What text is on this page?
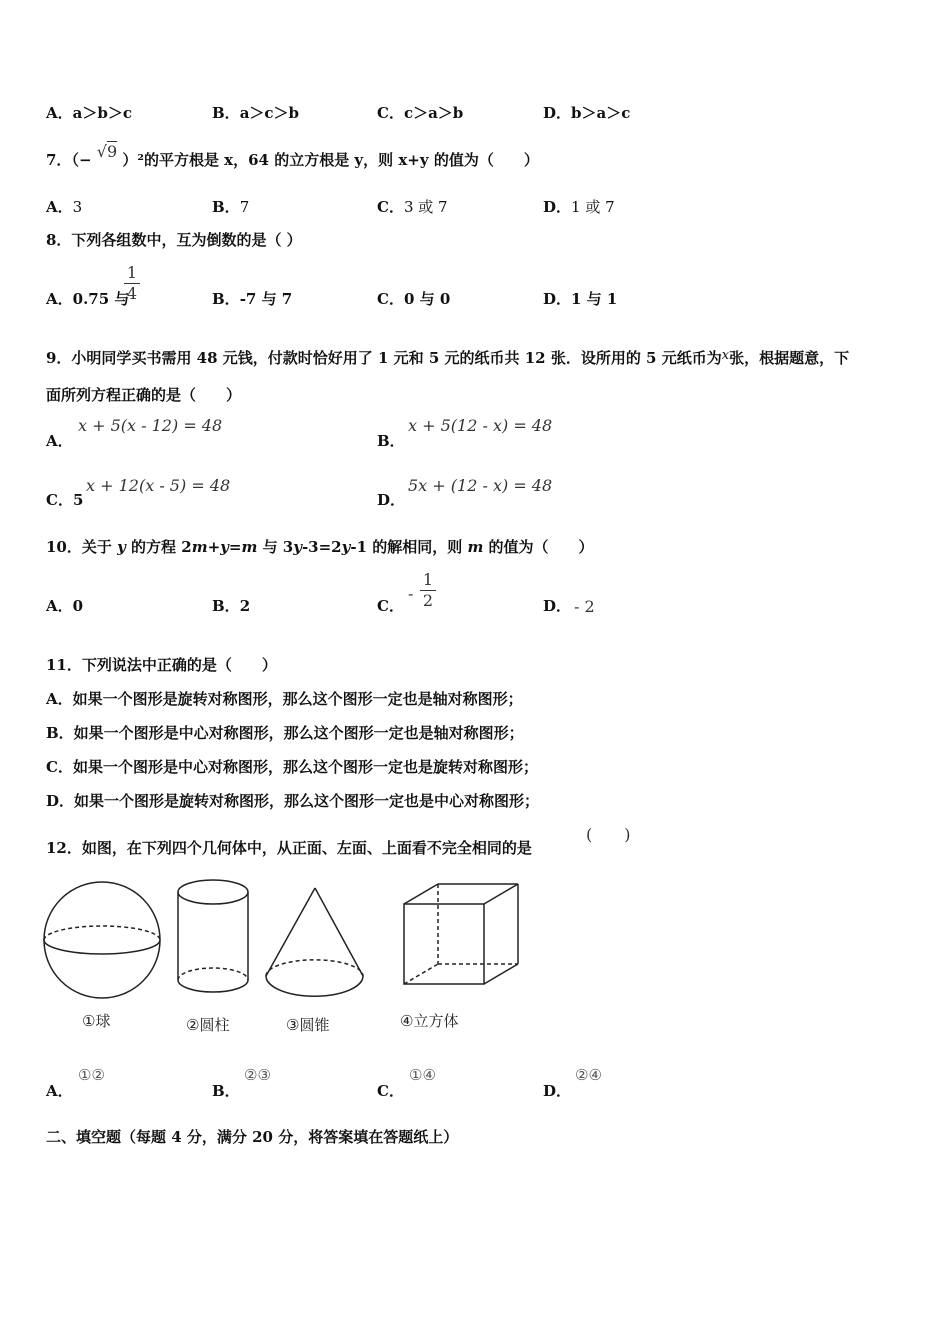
A．a＞b＞c	B．a＞c＞b	C．c＞a＞b	D．b＞a＞c
7．（− √9 ）²的平方根是 x，64 的立方根是 y，则 x+y 的值为（　　）
A．3	B．7	C．3 或 7	D．1 或 7
8．下列各组数中，互为倒数的是（ ）
A．0.75 与
1
4	B．-7 与 7	C．0 与 0	D．1 与 1
9．小明同学买书需用 48 元钱，付款时恰好用了 1 元和 5 元的纸币共 12 张．设所用的 5 元纸币为x张，根据题意，下
面所列方程正确的是（　　）
A．
x + 5(x - 12) = 48
B．
x + 5(12 - x) = 48
C．5
x + 12(x - 5) = 48
D．
5x + (12 - x) = 48
10．关于 y 的方程 2m+y=m 与 3y-3=2y-1 的解相同，则 m 的值为（　　）
A．0	B．2	C．
-
1
2	D． - 2
11．下列说法中正确的是（　　）
A．如果一个图形是旋转对称图形，那么这个图形一定也是轴对称图形；
B．如果一个图形是中心对称图形，那么这个图形一定也是轴对称图形；
C．如果一个图形是中心对称图形，那么这个图形一定也是旋转对称图形；
D．如果一个图形是旋转对称图形，那么这个图形一定也是中心对称图形；
12．如图，在下列四个几何体中，从正面、左面、上面看不完全相同的是
(　　)
①球	②圆柱	③圆锥	④立方体
A．
①②
B．
②③
C．
①④
D．
②④
二、填空题（每题 4 分，满分 20 分，将答案填在答题纸上）
